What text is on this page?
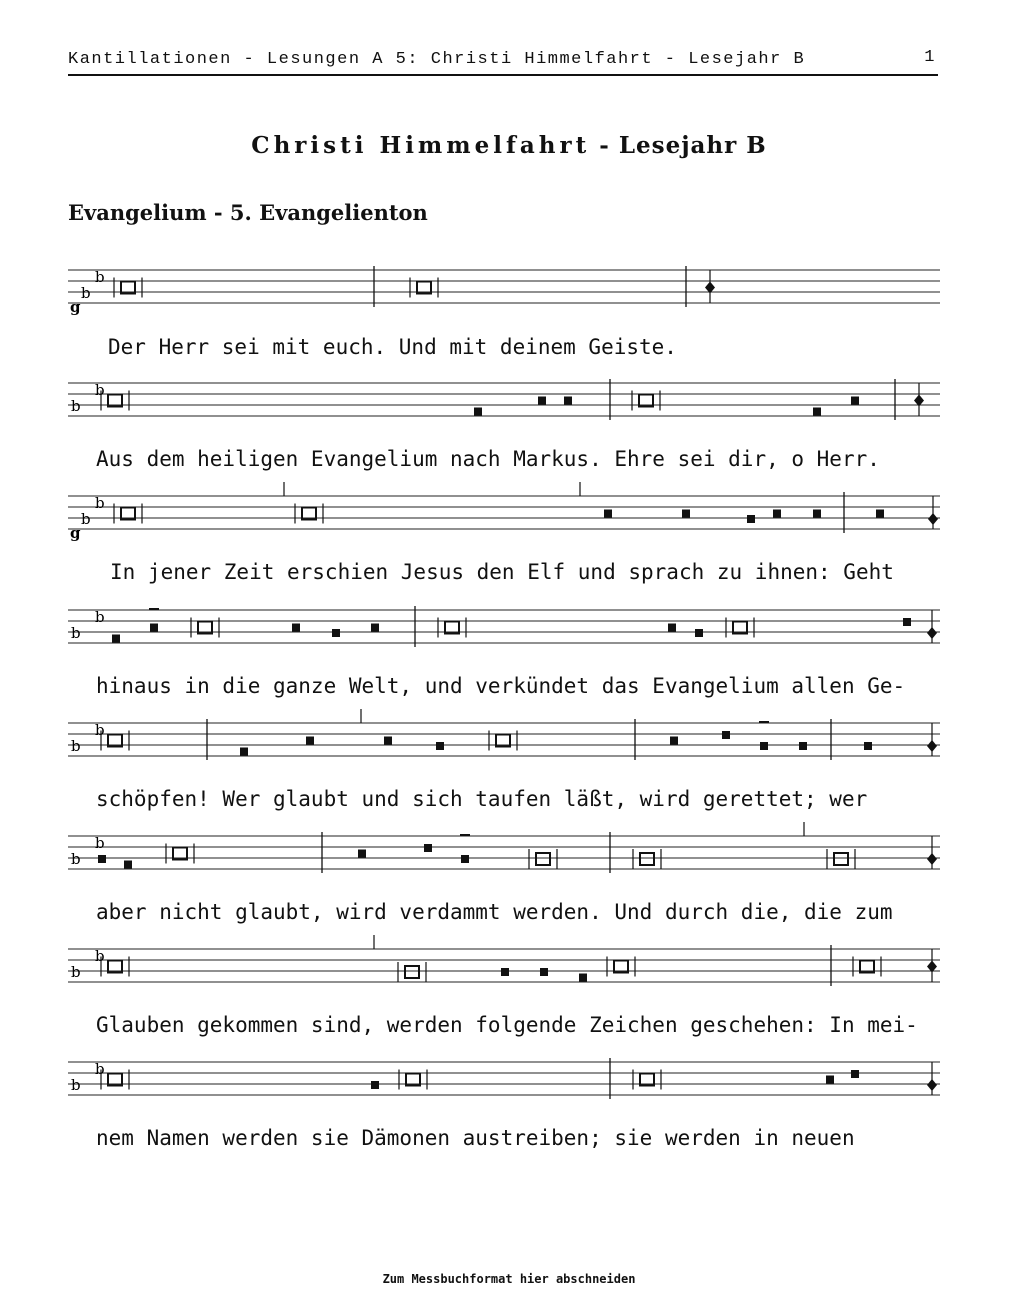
Kantillationen - Lesungen A 5: Christi Himmelfahrt - Lesejahr B	1
Christi Himmelfahrt - Lesejahr B
Evangelium - 5. Evangelienton
b
b
g
Der Herr sei mit euch. Und mit deinem Geiste.
b
b
Aus dem heiligen Evangelium nach Markus. Ehre sei dir, o Herr.
b
b
g
In jener Zeit erschien Jesus den Elf und sprach zu ihnen: Geht
b
b
hinaus in die ganze Welt, und verkündet das Evangelium allen Ge-
b
b
schöpfen! Wer glaubt und sich taufen läßt, wird gerettet; wer
b
b
aber nicht glaubt, wird verdammt werden. Und durch die, die zum
b
b
Glauben gekommen sind, werden folgende Zeichen geschehen: In mei-
b
b
nem Namen werden sie Dämonen austreiben; sie werden in neuen
Zum Messbuchformat hier abschneiden
